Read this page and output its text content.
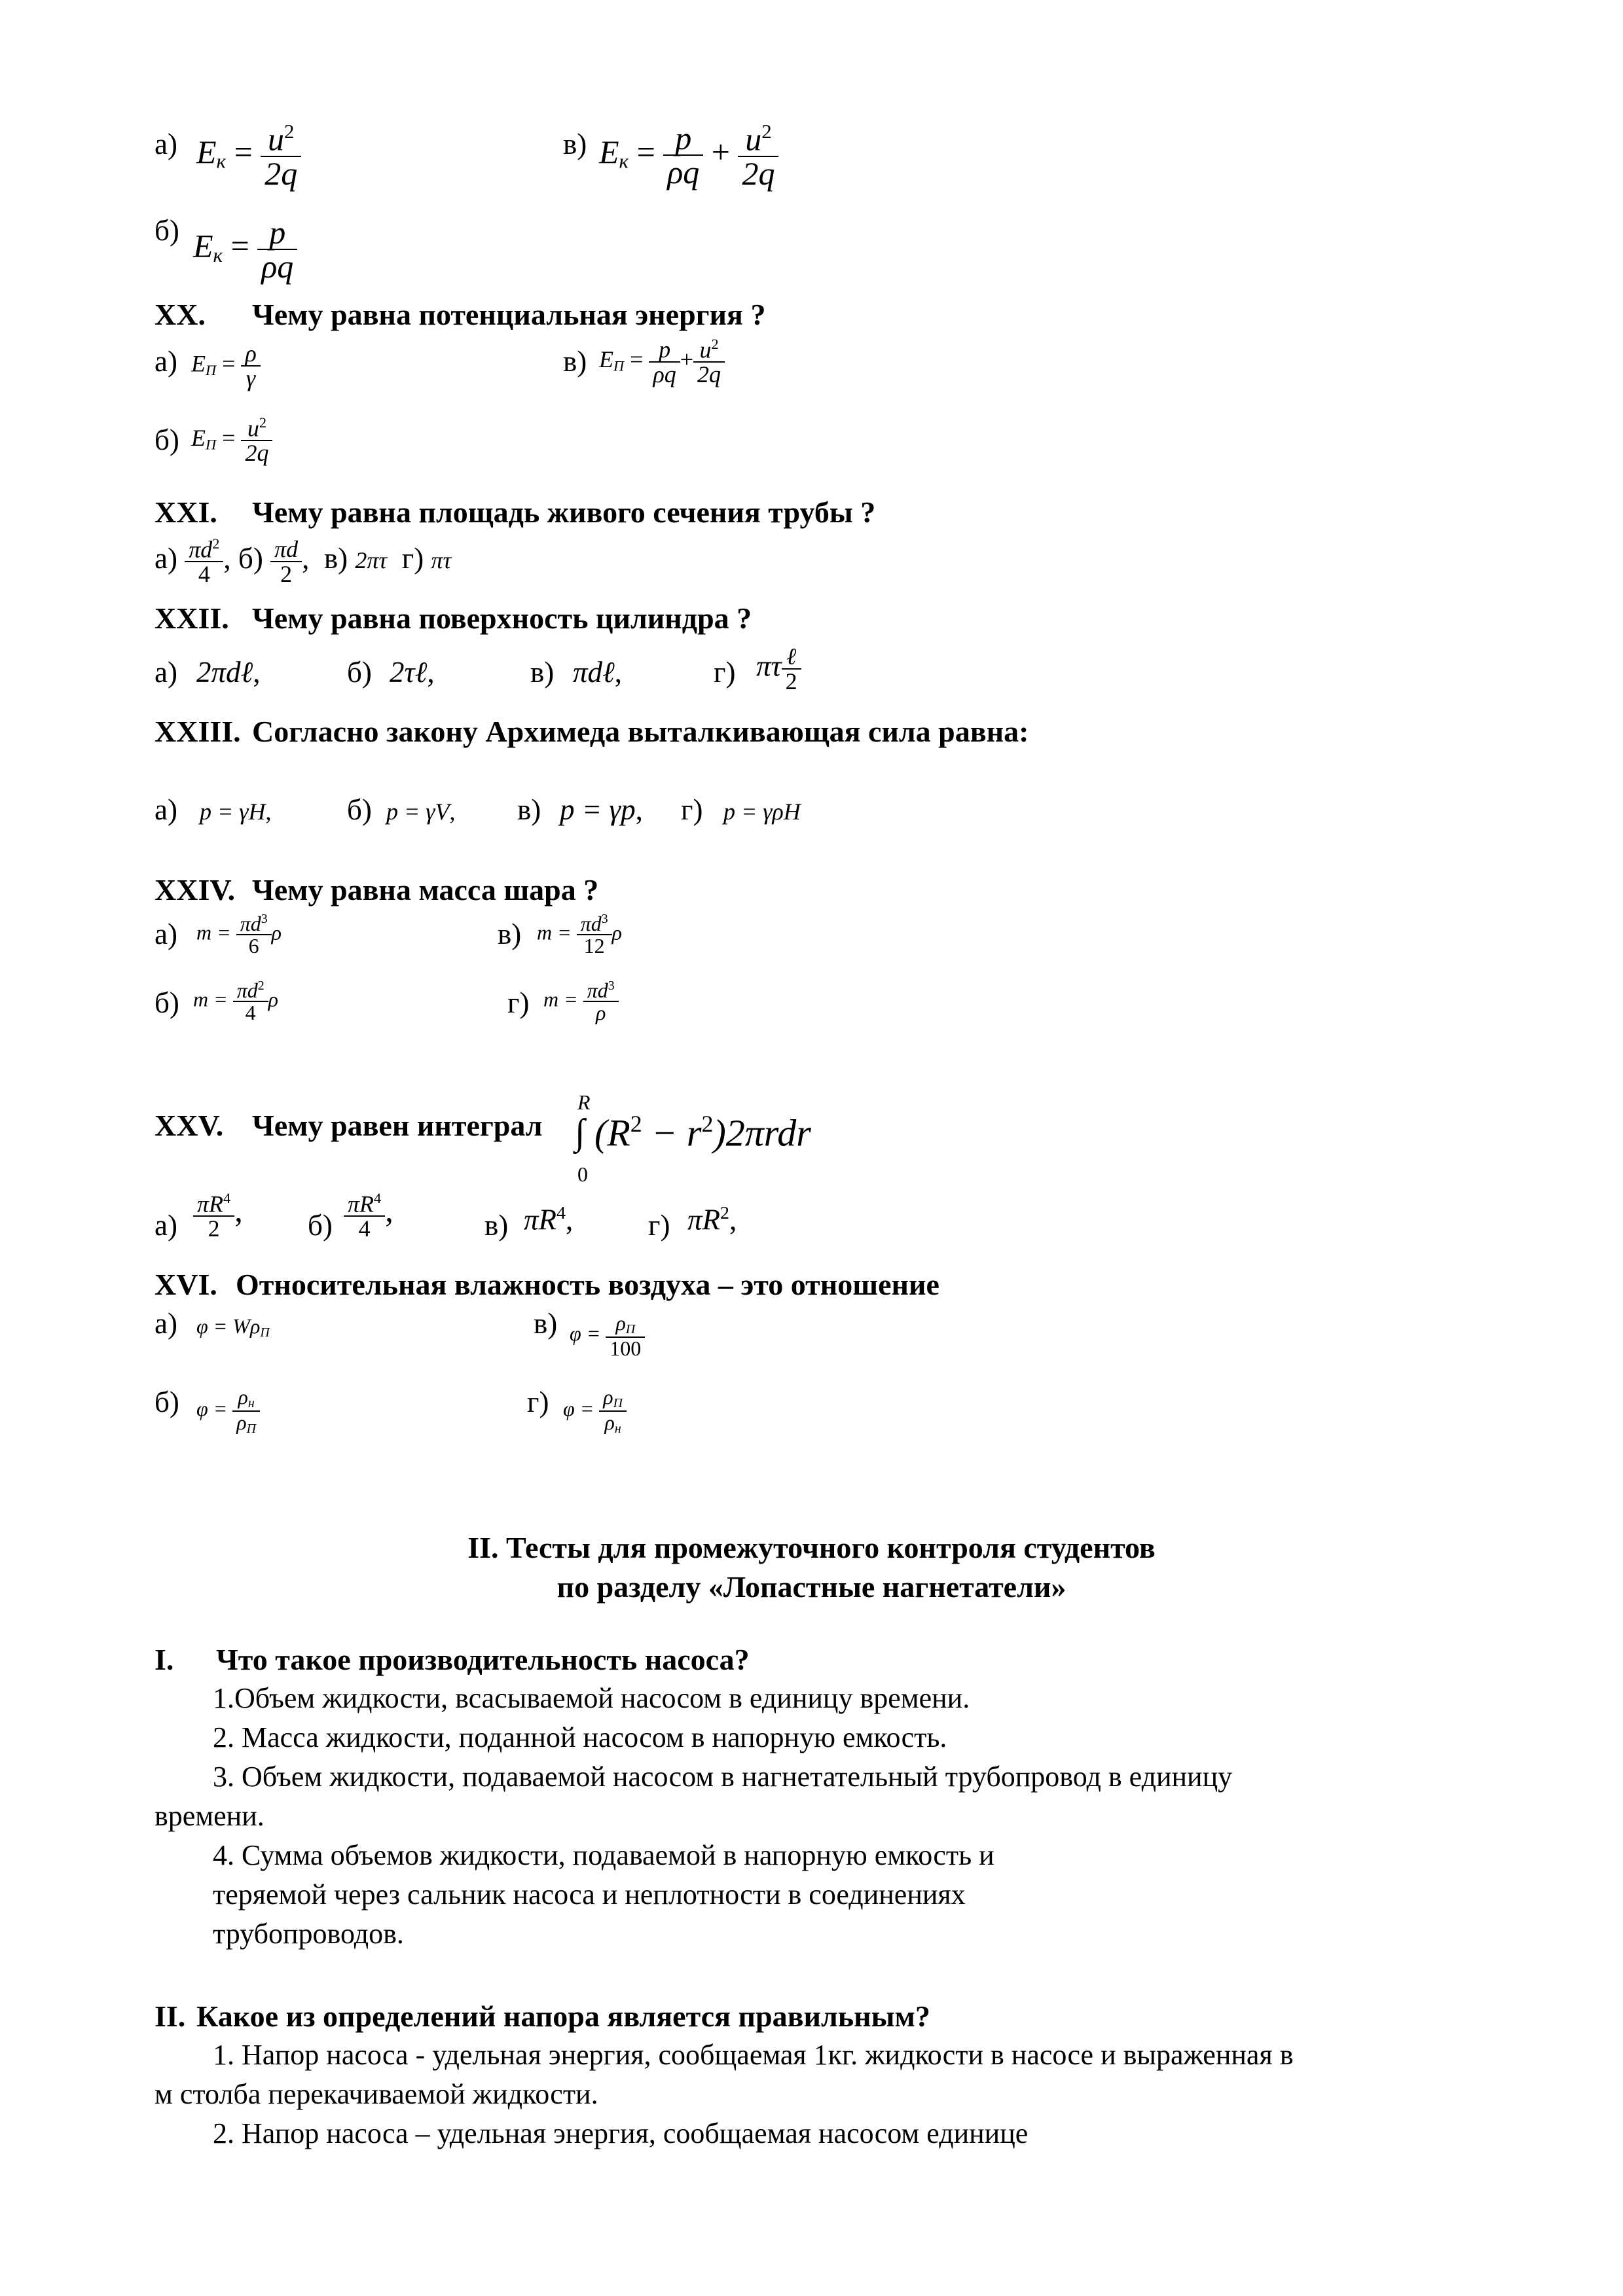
а) $E_к = \frac{u^2}{2q}$	в) $E_к = \frac{p}{\rho q} + \frac{u^2}{2q}$
б) $E_к = \frac{p}{\rho q}$
XX. Чему равна потенциальная энергия ?
а) $E_\Pi = \frac{\rho}{\gamma}$	в) $E_\Pi = \frac{p}{\rho q} + \frac{u^2}{2q}$
б) $E_\Pi = \frac{u^2}{2q}$
XXI. Чему равна площадь живого сечения трубы ?
$а) \frac{\pi d^2}{4}$ , $б) \frac{\pi d}{2}$ , в) 2πτ г) πτ
XXII. Чему равна поверхность цилиндра ?
а) 2πdℓ,	б) 2τℓ,	в) πdℓ,	г) πτ $\frac{\text{ℓ}}{2}$
XXIII. Согласно закону Архимеда выталкивающая сила равна:
а) p = γH,	б) p = γV, в) p = γp, г) p = γρH
XXIV. Чему равна масса шара ?
а) $m = \frac{\pi d^3}{6}$ ρ	в) $m = \frac{\pi d^3}{12}$ ρ
б) $m = \frac{\pi d^2}{4}$ ρ	г) $m = \frac{\pi d^3}{\rho}$
XXV. Чему равен интеграл
R
∫
0
$(R^2 - r^2)2\pi rdr$
$а) \frac{\pi R^4}{2}$ , $б) \frac{\pi R^4}{4}$ ,	в) $\pi R^4$,	г) $\pi R^2$,
XVI. Относительная влажность воздуха – это отношение
а) $\varphi = W\rho_\Pi$	в) $\varphi = \frac{\rho_\Pi}{100}$
б) $\varphi = \frac{\rho_н}{\rho_\Pi}$	г) $\varphi = \frac{\rho_\Pi}{\rho_н}$
II. Тесты для промежуточного контроля студентов
по разделу «Лопастные нагнетатели»
I. Что такое производительность насоса?
1.Объем жидкости, всасываемой насосом в единицу времени.
2. Масса жидкости, поданной насосом в напорную емкость.
3. Объем жидкости, подаваемой насосом в нагнетательный трубопровод в единицу
времени.
4. Сумма объемов жидкости, подаваемой в напорную емкость и
теряемой через сальник насоса и неплотности в соединениях
трубопроводов.
II. Какое из определений напора является правильным?
1. Напор насоса - удельная энергия, сообщаемая 1кг. жидкости в насосе и выраженная в
м столба перекачиваемой жидкости.
2. Напор насоса – удельная энергия, сообщаемая насосом единице
